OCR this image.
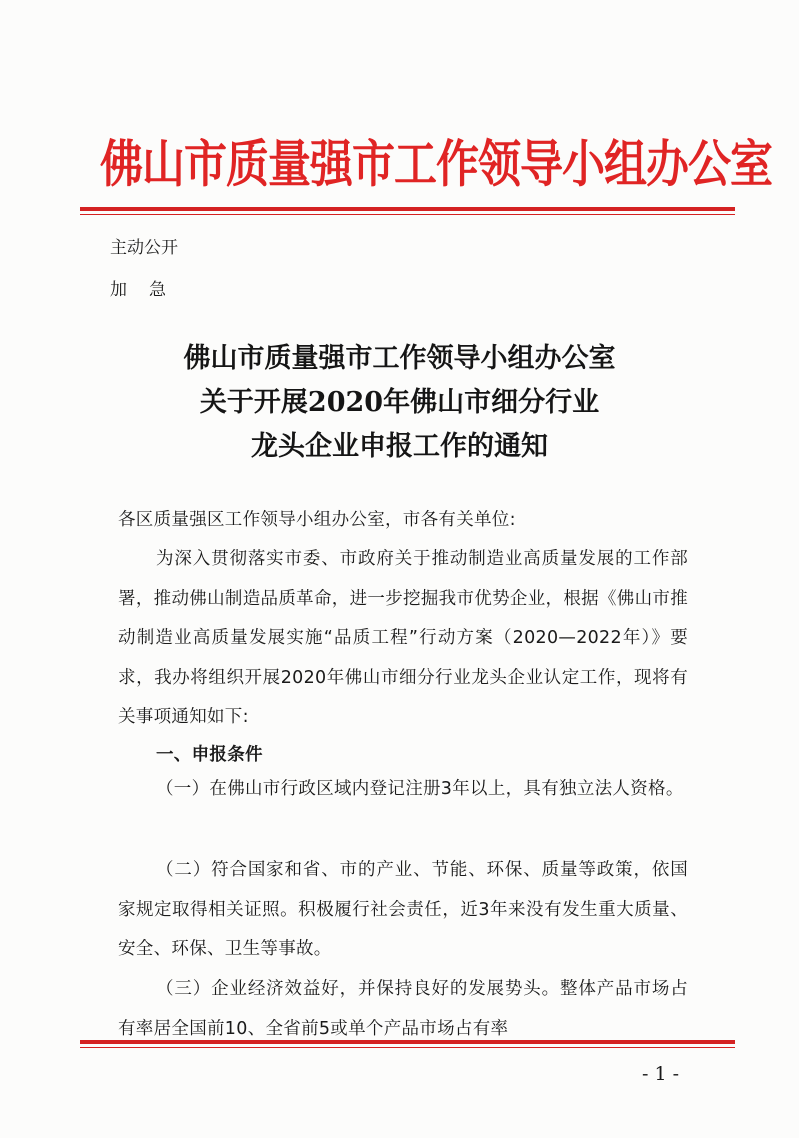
佛山市质量强市工作领导小组办公室
主动公开
加 急
佛山市质量强市工作领导小组办公室
关于开展2020年佛山市细分行业
龙头企业申报工作的通知
各区质量强区工作领导小组办公室，市各有关单位:
为深入贯彻落实市委、市政府关于推动制造业高质量发展的工作部署，推动佛山制造品质革命，进一步挖掘我市优势企业，根据《佛山市推动制造业高质量发展实施“品质工程”行动方案（2020—2022年）》要求，我办将组织开展2020年佛山市细分行业龙头企业认定工作，现将有关事项通知如下:
一、申报条件
（一）在佛山市行政区域内登记注册3年以上，具有独立法人资格。
（二）符合国家和省、市的产业、节能、环保、质量等政策，依国家规定取得相关证照。积极履行社会责任，近3年来没有发生重大质量、安全、环保、卫生等事故。
（三）企业经济效益好，并保持良好的发展势头。整体产品市场占有率居全国前10、全省前5或单个产品市场占有率
- 1 -
